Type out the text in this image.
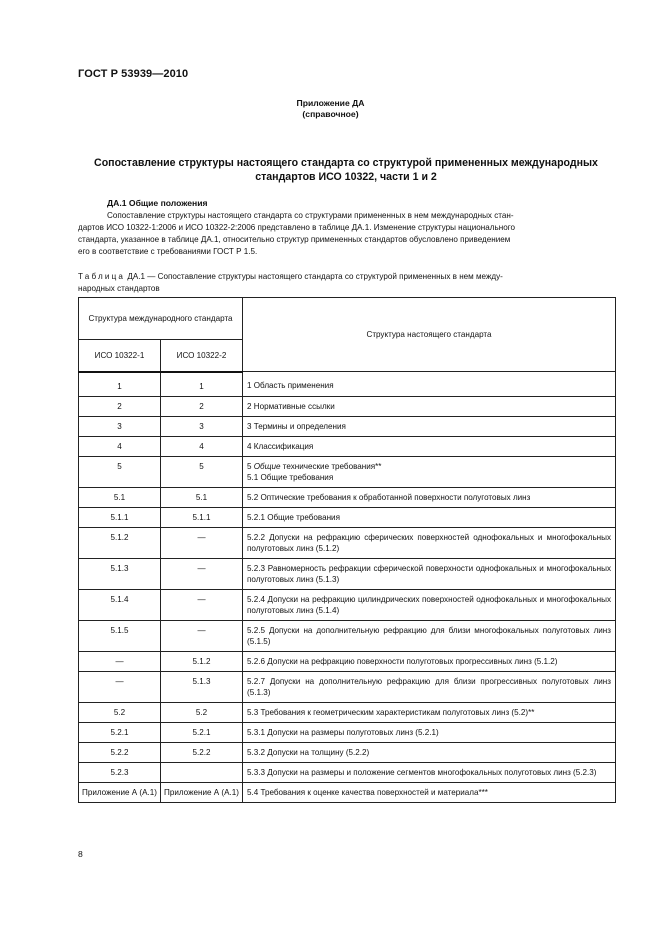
ГОСТ Р 53939—2010
Приложение ДА
(справочное)
Сопоставление структуры настоящего стандарта со структурой примененных международных
стандартов ИСО 10322, части 1 и 2
ДА.1 Общие положения
Сопоставление структуры настоящего стандарта со структурами примененных в нем международных стан-
дартов ИСО 10322-1:2006 и ИСО 10322-2:2006 представлено в таблице ДА.1. Изменение структуры национального
стандарта, указанное в таблице ДА.1, относительно структур примененных стандартов обусловлено приведением
его в соответствие с требованиями ГОСТ Р 1.5.
Таблица ДА.1 — Сопоставление структуры настоящего стандарта со структурой примененных в нем между-
народных стандартов
Структура международного стандарта		Структура настоящего стандарта
ИСО 10322-1	ИСО 10322-2	
1	1	1 Область применения
2	2	2 Нормативные ссылки
3	3	3 Термины и определения
4	4	4 Классификация
5	5	5 Общие технические требования**
5.1 Общие требования

5.1	5.1	5.2 Оптические требования к обработанной поверхности полуготовых линз
5.1.1	5.1.1	5.2.1 Общие требования
5.1.2	—	5.2.2 Допуски на рефракцию сферических поверхностей однофокальных и многофокальных полуготовых линз (5.1.2)
5.1.3	—	5.2.3 Равномерность рефракции сферической поверхности однофокальных и многофокальных полуготовых линз (5.1.3)
5.1.4	—	5.2.4 Допуски на рефракцию цилиндрических поверхностей однофокальных и многофокальных полуготовых линз (5.1.4)
5.1.5	—	5.2.5 Допуски на дополнительную рефракцию для близи многофокальных полуготовых линз (5.1.5)
—	5.1.2	5.2.6 Допуски на рефракцию поверхности полуготовых прогрессивных линз (5.1.2)
—	5.1.3	5.2.7 Допуски на дополнительную рефракцию для близи прогрессивных полуготовых линз (5.1.3)
5.2	5.2	5.3 Требования к геометрическим характеристикам полуготовых линз (5.2)**
5.2.1	5.2.1	5.3.1 Допуски на размеры полуготовых линз (5.2.1)
5.2.2	5.2.2	5.3.2 Допуски на толщину (5.2.2)
5.2.3		5.3.3 Допуски на размеры и положение сегментов многофокальных полуготовых линз (5.2.3)
Приложение А (А.1)	Приложение А (А.1)	5.4 Требования к оценке качества поверхностей и материала***
8
